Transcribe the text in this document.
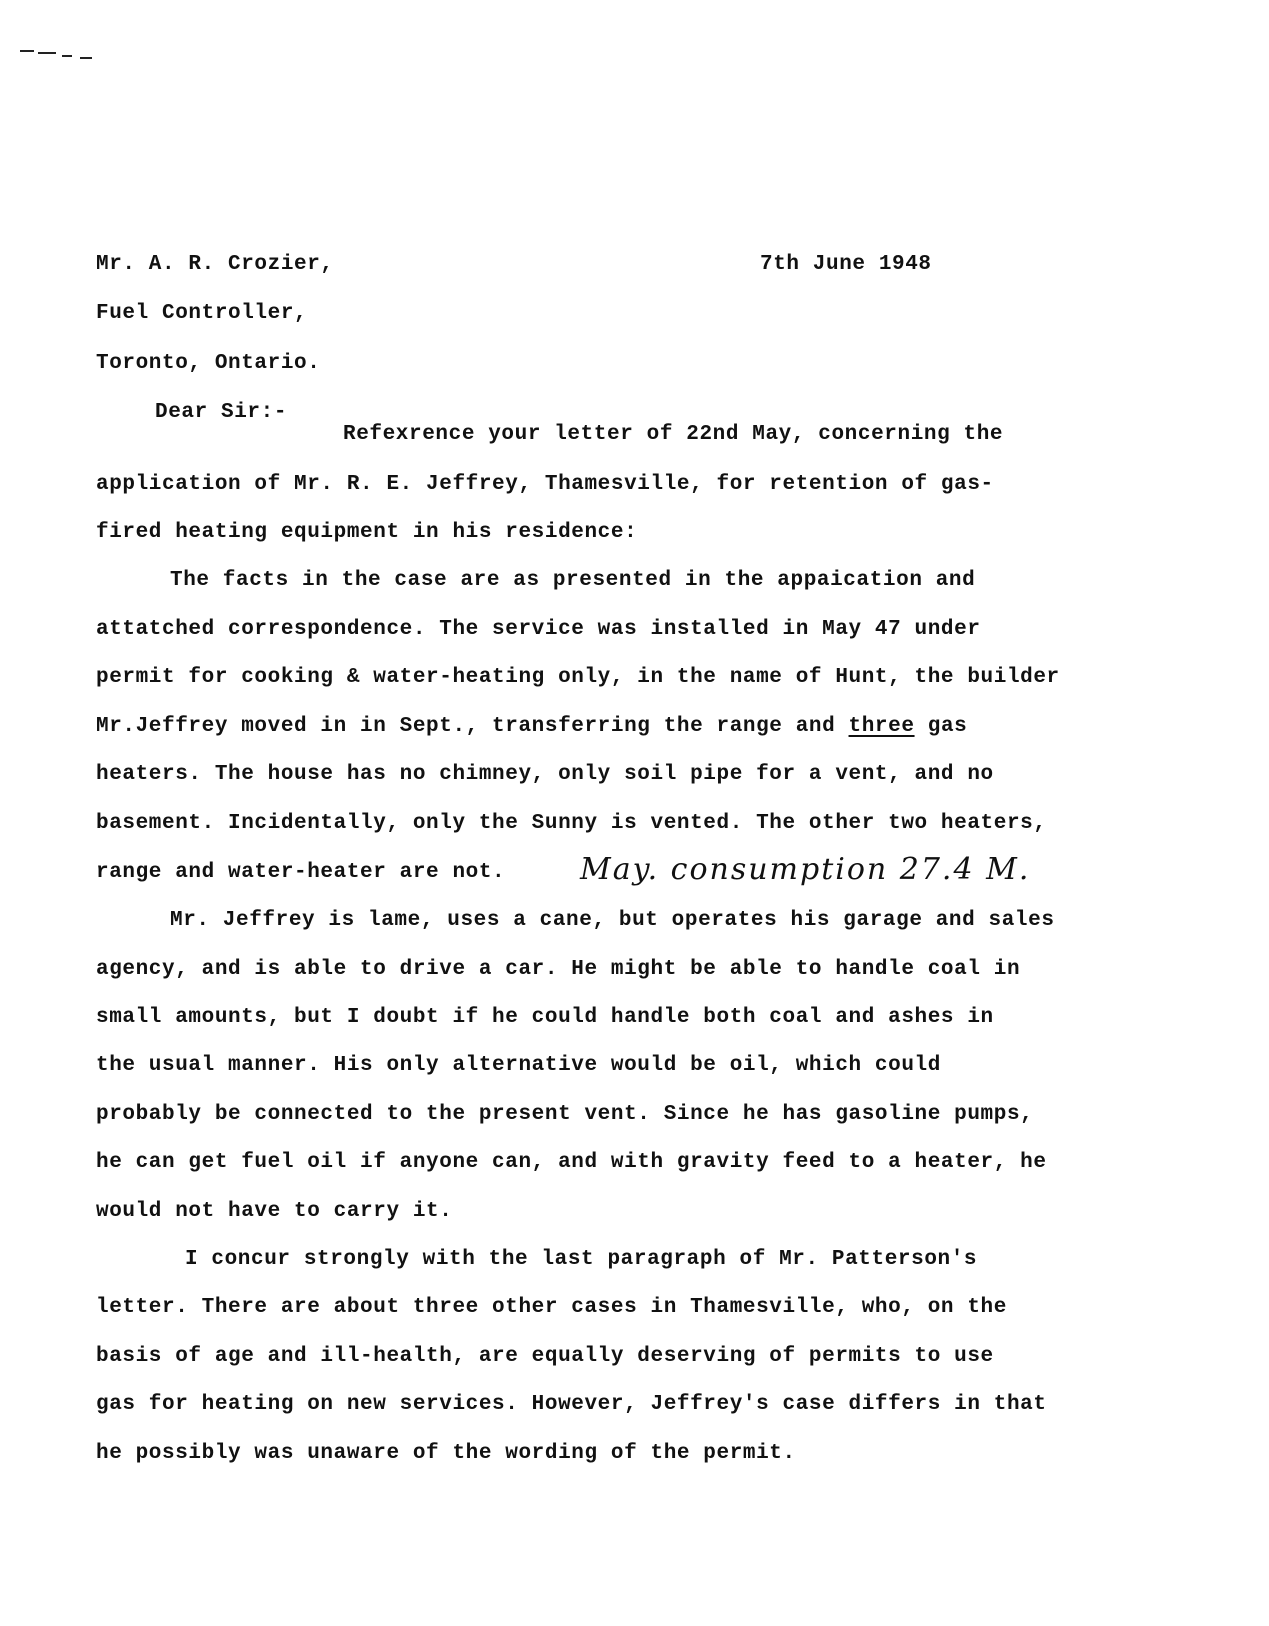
Mr. A. R. Crozier,	7th June 1948
Fuel Controller,
Toronto, Ontario.
Dear Sir:-
Refexrence your letter of 22nd May, concerning the
application of Mr. R. E. Jeffrey, Thamesville, for retention of gas-
fired heating equipment in his residence:
The facts in the case are as presented in the appaication and
attatched correspondence. The service was installed in May 47 under
permit for cooking & water-heating only, in the name of Hunt, the builder
Mr.Jeffrey moved in in Sept., transferring the range and three gas
heaters. The house has no chimney, only soil pipe for a vent, and no
basement. Incidentally, only the Sunny is vented. The other two heaters,
range and water-heater are not. May. consumption 27.4 M.
Mr. Jeffrey is lame, uses a cane, but operates his garage and sales
agency, and is able to drive a car. He might be able to handle coal in
small amounts, but I doubt if he could handle both coal and ashes in
the usual manner. His only alternative would be oil, which could
probably be connected to the present vent. Since he has gasoline pumps,
he can get fuel oil if anyone can, and with gravity feed to a heater, he
would not have to carry it.
I concur strongly with the last paragraph of Mr. Patterson's
letter. There are about three other cases in Thamesville, who, on the
basis of age and ill-health, are equally deserving of permits to use
gas for heating on new services. However, Jeffrey's case differs in that
he possibly was unaware of the wording of the permit.
